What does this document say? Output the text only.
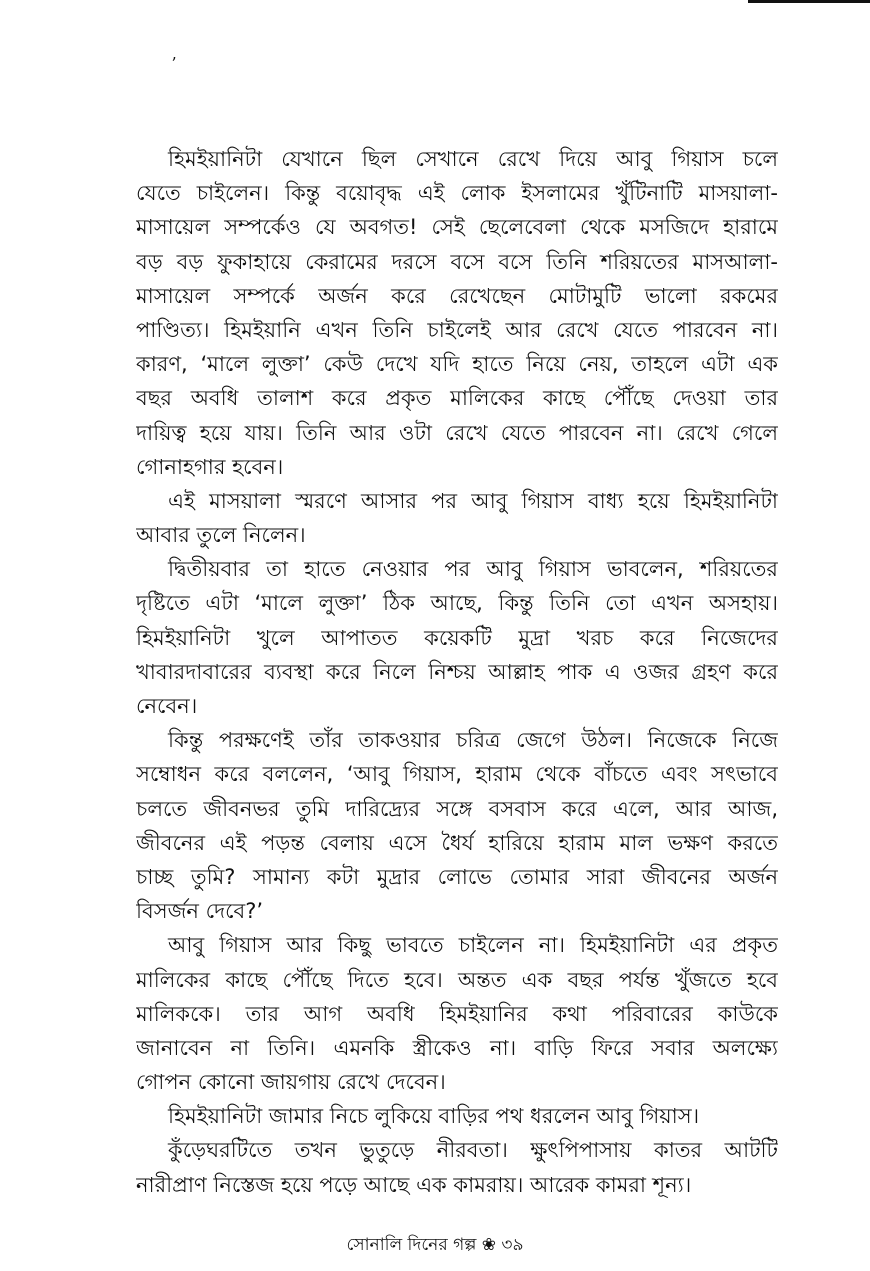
ʼ
হিমইয়ানিটা যেখানে ছিল সেখানে রেখে দিয়ে আবু গিয়াস চলে
যেতে চাইলেন। কিন্তু বয়োবৃদ্ধ এই লোক ইসলামের খুঁটিনাটি মাসয়ালা-
মাসায়েল সম্পর্কেও যে অবগত! সেই ছেলেবেলা থেকে মসজিদে হারামে
বড় বড় ফুকাহায়ে কেরামের দরসে বসে বসে তিনি শরিয়তের মাসআলা-
মাসায়েল সম্পর্কে অর্জন করে রেখেছেন মোটামুটি ভালো রকমের
পাণ্ডিত্য। হিমইয়ানি এখন তিনি চাইলেই আর রেখে যেতে পারবেন না।
কারণ, ‘মালে লুক্তা’ কেউ দেখে যদি হাতে নিয়ে নেয়, তাহলে এটা এক
বছর অবধি তালাশ করে প্রকৃত মালিকের কাছে পৌঁছে দেওয়া তার
দায়িত্ব হয়ে যায়। তিনি আর ওটা রেখে যেতে পারবেন না। রেখে গেলে
গোনাহগার হবেন।
এই মাসয়ালা স্মরণে আসার পর আবু গিয়াস বাধ্য হয়ে হিমইয়ানিটা
আবার তুলে নিলেন।
দ্বিতীয়বার তা হাতে নেওয়ার পর আবু গিয়াস ভাবলেন, শরিয়তের
দৃষ্টিতে এটা ‘মালে লুক্তা’ ঠিক আছে, কিন্তু তিনি তো এখন অসহায়।
হিমইয়ানিটা খুলে আপাতত কয়েকটি মুদ্রা খরচ করে নিজেদের
খাবারদাবারের ব্যবস্থা করে নিলে নিশ্চয় আল্লাহ পাক এ ওজর গ্রহণ করে
নেবেন।
কিন্তু পরক্ষণেই তাঁর তাকওয়ার চরিত্র জেগে উঠল। নিজেকে নিজে
সম্বোধন করে বললেন, ‘আবু গিয়াস, হারাম থেকে বাঁচতে এবং সৎভাবে
চলতে জীবনভর তুমি দারিদ্র্যের সঙ্গে বসবাস করে এলে, আর আজ,
জীবনের এই পড়ন্ত বেলায় এসে ধৈর্য হারিয়ে হারাম মাল ভক্ষণ করতে
চাচ্ছ তুমি? সামান্য কটা মুদ্রার লোভে তোমার সারা জীবনের অর্জন
বিসর্জন দেবে?’
আবু গিয়াস আর কিছু ভাবতে চাইলেন না। হিমইয়ানিটা এর প্রকৃত
মালিকের কাছে পৌঁছে দিতে হবে। অন্তত এক বছর পর্যন্ত খুঁজতে হবে
মালিককে। তার আগ অবধি হিমইয়ানির কথা পরিবারের কাউকে
জানাবেন না তিনি। এমনকি স্ত্রীকেও না। বাড়ি ফিরে সবার অলক্ষ্যে
গোপন কোনো জায়গায় রেখে দেবেন।
হিমইয়ানিটা জামার নিচে লুকিয়ে বাড়ির পথ ধরলেন আবু গিয়াস।
কুঁড়েঘরটিতে তখন ভুতুড়ে নীরবতা। ক্ষুৎপিপাসায় কাতর আটটি
নারীপ্রাণ নিস্তেজ হয়ে পড়ে আছে এক কামরায়। আরেক কামরা শূন্য।
সোনালি দিনের গল্প ❀ ৩৯
